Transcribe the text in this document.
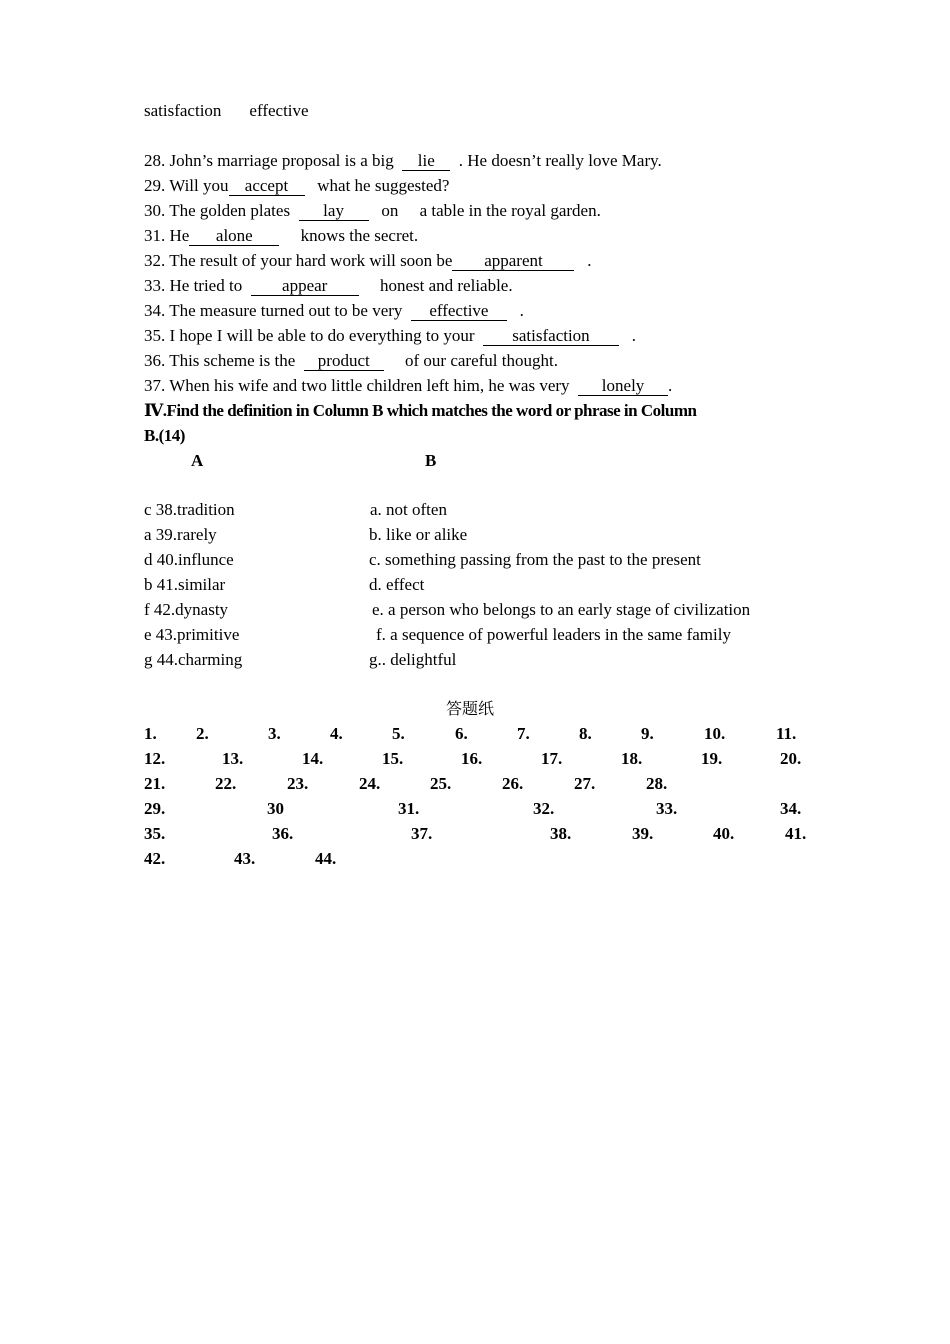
satisfaction effective
28. John’s marriage proposal is a big lie . He doesn’t really love Mary.
29. Will you accept what he suggested?
30. The golden plates lay on     a table in the royal garden.
31. He alone	knows the secret.
32. The result of your hard work will soon be apparent	.
33. He tried to appear	honest and reliable.
34. The measure turned out to be very effective .
35. I hope I will be able to do everything to your satisfaction .
36. This scheme is the product of our careful thought.
37. When his wife and two little children left him, he was very lonely .
Ⅳ.Find the definition in Column B which matches the word or phrase in Column
B.(14)
A	B
c 38.tradition	a. not often
a 39.rarely	b. like or alike
d 40.influnce	c. something passing from the past to the present
b 41.similar	d. effect
f 42.dynasty	e. a person who belongs to an early stage of civilization
e 43.primitive	f. a sequence of powerful leaders in the same family
g 44.charming	g.. delightful
答题纸
1. 2.	3.	4.	5.	6.	7.	8.	9.	10.	11.
12.	13.	14.	15.	16.	17.	18.	19.	20.
21.	22.	23.	24.	25.	26.	27.	28.
29.	30	31.	32.	33.	34.
35.	36.	37.	38.	39.	40.	41.
42.	43.	44.
